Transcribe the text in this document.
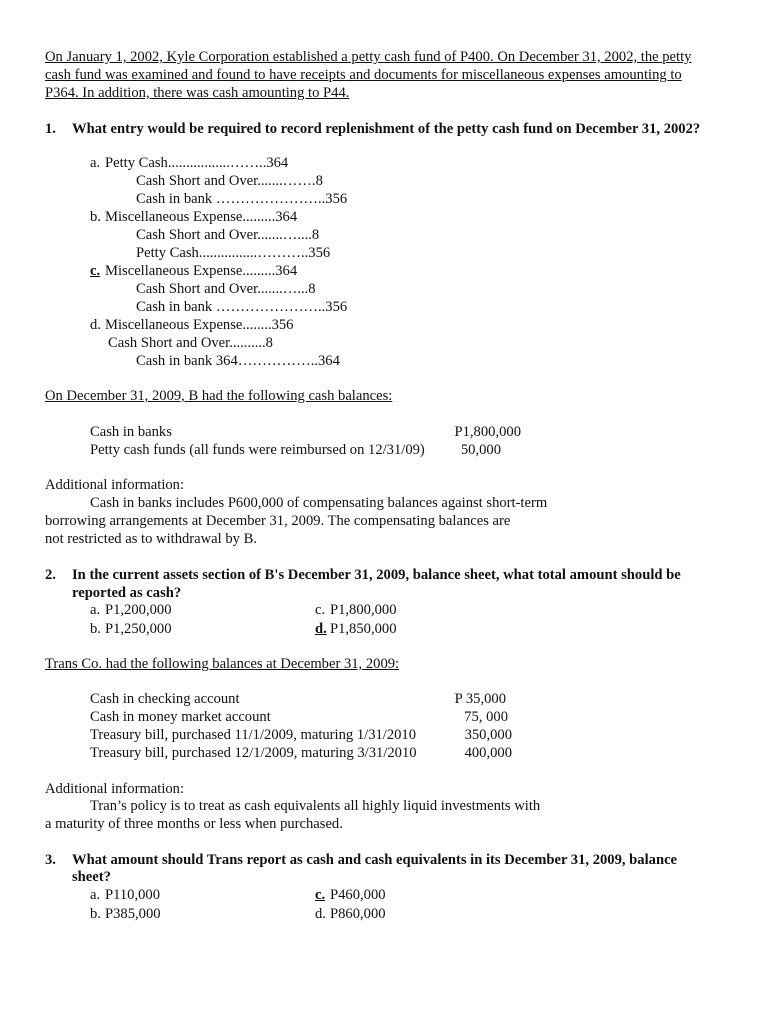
On January 1, 2002, Kyle Corporation established a petty cash fund of P400. On December 31, 2002, the petty
cash fund was examined and found to have receipts and documents for miscellaneous expenses amounting to
P364. In addition, there was cash amounting to P44.
1. What entry would be required to record replenishment of the petty cash fund on December 31, 2002?
a. Petty Cash.................……..364
Cash Short and Over.......…….8
Cash in bank …………………..356
b. Miscellaneous Expense.........364
Cash Short and Over.......…....8
Petty Cash................………..356
c. Miscellaneous Expense.........364
Cash Short and Over.......…...8
Cash in bank …………………..356
d. Miscellaneous Expense........356
Cash Short and Over..........8
Cash in bank 364……………..364
On December 31, 2009, B had the following cash balances:
Cash in banks	P1,800,000
Petty cash funds (all funds were reimbursed on 12/31/09)	50,000
Additional information:
Cash in banks includes P600,000 of compensating balances against short-term
borrowing arrangements at December 31, 2009. The compensating balances are
not restricted as to withdrawal by B.
2. In the current assets section of B's December 31, 2009, balance sheet, what total amount should be
reported as cash?
a. P1,200,000
b. P1,250,000
c. P1,800,000
d. P1,850,000
Trans Co. had the following balances at December 31, 2009:
Cash in checking account	P 35,000
Cash in money market account	75, 000
Treasury bill, purchased 11/1/2009, maturing 1/31/2010	350,000
Treasury bill, purchased 12/1/2009, maturing 3/31/2010	400,000
Additional information:
Tran’s policy is to treat as cash equivalents all highly liquid investments with
a maturity of three months or less when purchased.
3. What amount should Trans report as cash and cash equivalents in its December 31, 2009, balance
sheet?
a. P110,000
b. P385,000
c. P460,000
d. P860,000
